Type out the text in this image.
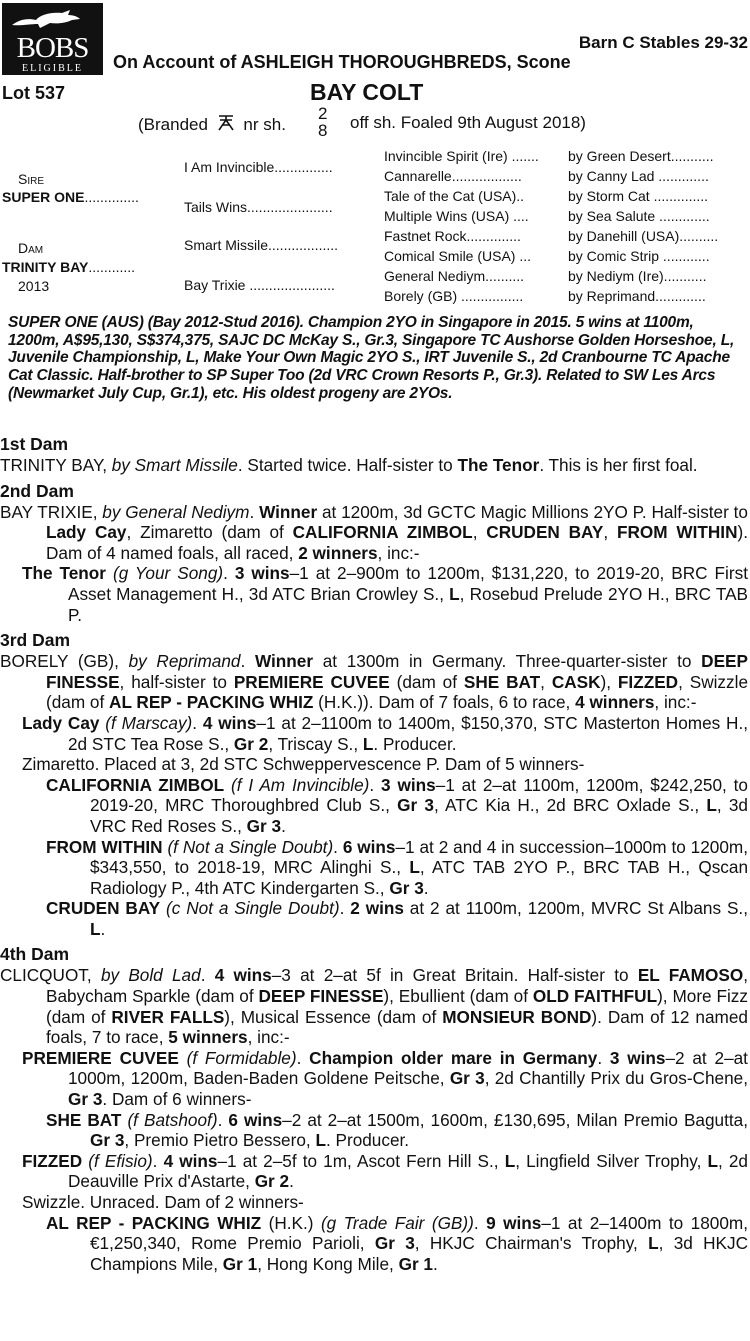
BOBS
ELIGIBLE
Barn C Stables 29-32
On Account of ASHLEIGH THOROUGHBREDS, Scone
Lot 537	BAY COLT
(Branded nr sh.
2
8 off sh. Foaled 9th August 2018)
Sire
SUPER ONE..............
Dam
TRINITY BAY............
2013
I Am Invincible...............
Tails Wins......................
Smart Missile..................
Bay Trixie ......................
Invincible Spirit (Ire) .......
Cannarelle..................
Tale of the Cat (USA)..
Multiple Wins (USA) ....
Fastnet Rock..............
Comical Smile (USA) ...
General Nediym..........
Borely (GB) ................
by Green Desert...........
by Canny Lad .............
by Storm Cat ..............
by Sea Salute .............
by Danehill (USA)..........
by Comic Strip ............
by Nediym (Ire)...........
by Reprimand.............
SUPER ONE (AUS) (Bay 2012-Stud 2016). Champion 2YO in Singapore in 2015. 5 wins at 1100m, 1200m, A$95,130, S$374,375, SAJC DC McKay S., Gr.3, Singapore TC Aushorse Golden Horseshoe, L, Juvenile Championship, L, Make Your Own Magic 2YO S., IRT Juvenile S., 2d Cranbourne TC Apache Cat Classic. Half-brother to SP Super Too (2d VRC Crown Resorts P., Gr.3). Related to SW Les Arcs (Newmarket July Cup, Gr.1), etc. His oldest progeny are 2YOs.
1st Dam

TRINITY BAY, by Smart Missile. Started twice. Half-sister to The Tenor. This is her first foal.

2nd Dam

BAY TRIXIE, by General Nediym. Winner at 1200m, 3d GCTC Magic Millions 2YO P. Half-sister to Lady Cay, Zimaretto (dam of CALIFORNIA ZIMBOL, CRUDEN BAY, FROM WITHIN). Dam of 4 named foals, all raced, 2 winners, inc:-

The Tenor (g Your Song). 3 wins–1 at 2–900m to 1200m, $131,220, to 2019-20, BRC First Asset Management H., 3d ATC Brian Crowley S., L, Rosebud Prelude 2YO H., BRC TAB P.

3rd Dam

BORELY (GB), by Reprimand. Winner at 1300m in Germany. Three-quarter-sister to DEEP FINESSE, half-sister to PREMIERE CUVEE (dam of SHE BAT, CASK), FIZZED, Swizzle (dam of AL REP - PACKING WHIZ (H.K.)). Dam of 7 foals, 6 to race, 4 winners, inc:-

Lady Cay (f Marscay). 4 wins–1 at 2–1100m to 1400m, $150,370, STC Masterton Homes H., 2d STC Tea Rose S., Gr 2, Triscay S., L. Producer.

Zimaretto. Placed at 3, 2d STC Schweppervescence P. Dam of 5 winners-

CALIFORNIA ZIMBOL (f I Am Invincible). 3 wins–1 at 2–at 1100m, 1200m, $242,250, to 2019-20, MRC Thoroughbred Club S., Gr 3, ATC Kia H., 2d BRC Oxlade S., L, 3d VRC Red Roses S., Gr 3.

FROM WITHIN (f Not a Single Doubt). 6 wins–1 at 2 and 4 in succession–1000m to 1200m, $343,550, to 2018-19, MRC Alinghi S., L, ATC TAB 2YO P., BRC TAB H., Qscan Radiology P., 4th ATC Kindergarten S., Gr 3.

CRUDEN BAY (c Not a Single Doubt). 2 wins at 2 at 1100m, 1200m, MVRC St Albans S., L.

4th Dam

CLICQUOT, by Bold Lad. 4 wins–3 at 2–at 5f in Great Britain. Half-sister to EL FAMOSO, Babycham Sparkle (dam of DEEP FINESSE), Ebullient (dam of OLD FAITHFUL), More Fizz (dam of RIVER FALLS), Musical Essence (dam of MONSIEUR BOND). Dam of 12 named foals, 7 to race, 5 winners, inc:-

PREMIERE CUVEE (f Formidable). Champion older mare in Germany. 3 wins–2 at 2–at 1000m, 1200m, Baden-Baden Goldene Peitsche, Gr 3, 2d Chantilly Prix du Gros-Chene, Gr 3. Dam of 6 winners-

SHE BAT (f Batshoof). 6 wins–2 at 2–at 1500m, 1600m, £130,695, Milan Premio Bagutta, Gr 3, Premio Pietro Bessero, L. Producer.

FIZZED (f Efisio). 4 wins–1 at 2–5f to 1m, Ascot Fern Hill S., L, Lingfield Silver Trophy, L, 2d Deauville Prix d'Astarte, Gr 2.

Swizzle. Unraced. Dam of 2 winners-

AL REP - PACKING WHIZ (H.K.) (g Trade Fair (GB)). 9 wins–1 at 2–1400m to 1800m, €1,250,340, Rome Premio Parioli, Gr 3, HKJC Chairman's Trophy, L, 3d HKJC Champions Mile, Gr 1, Hong Kong Mile, Gr 1.
